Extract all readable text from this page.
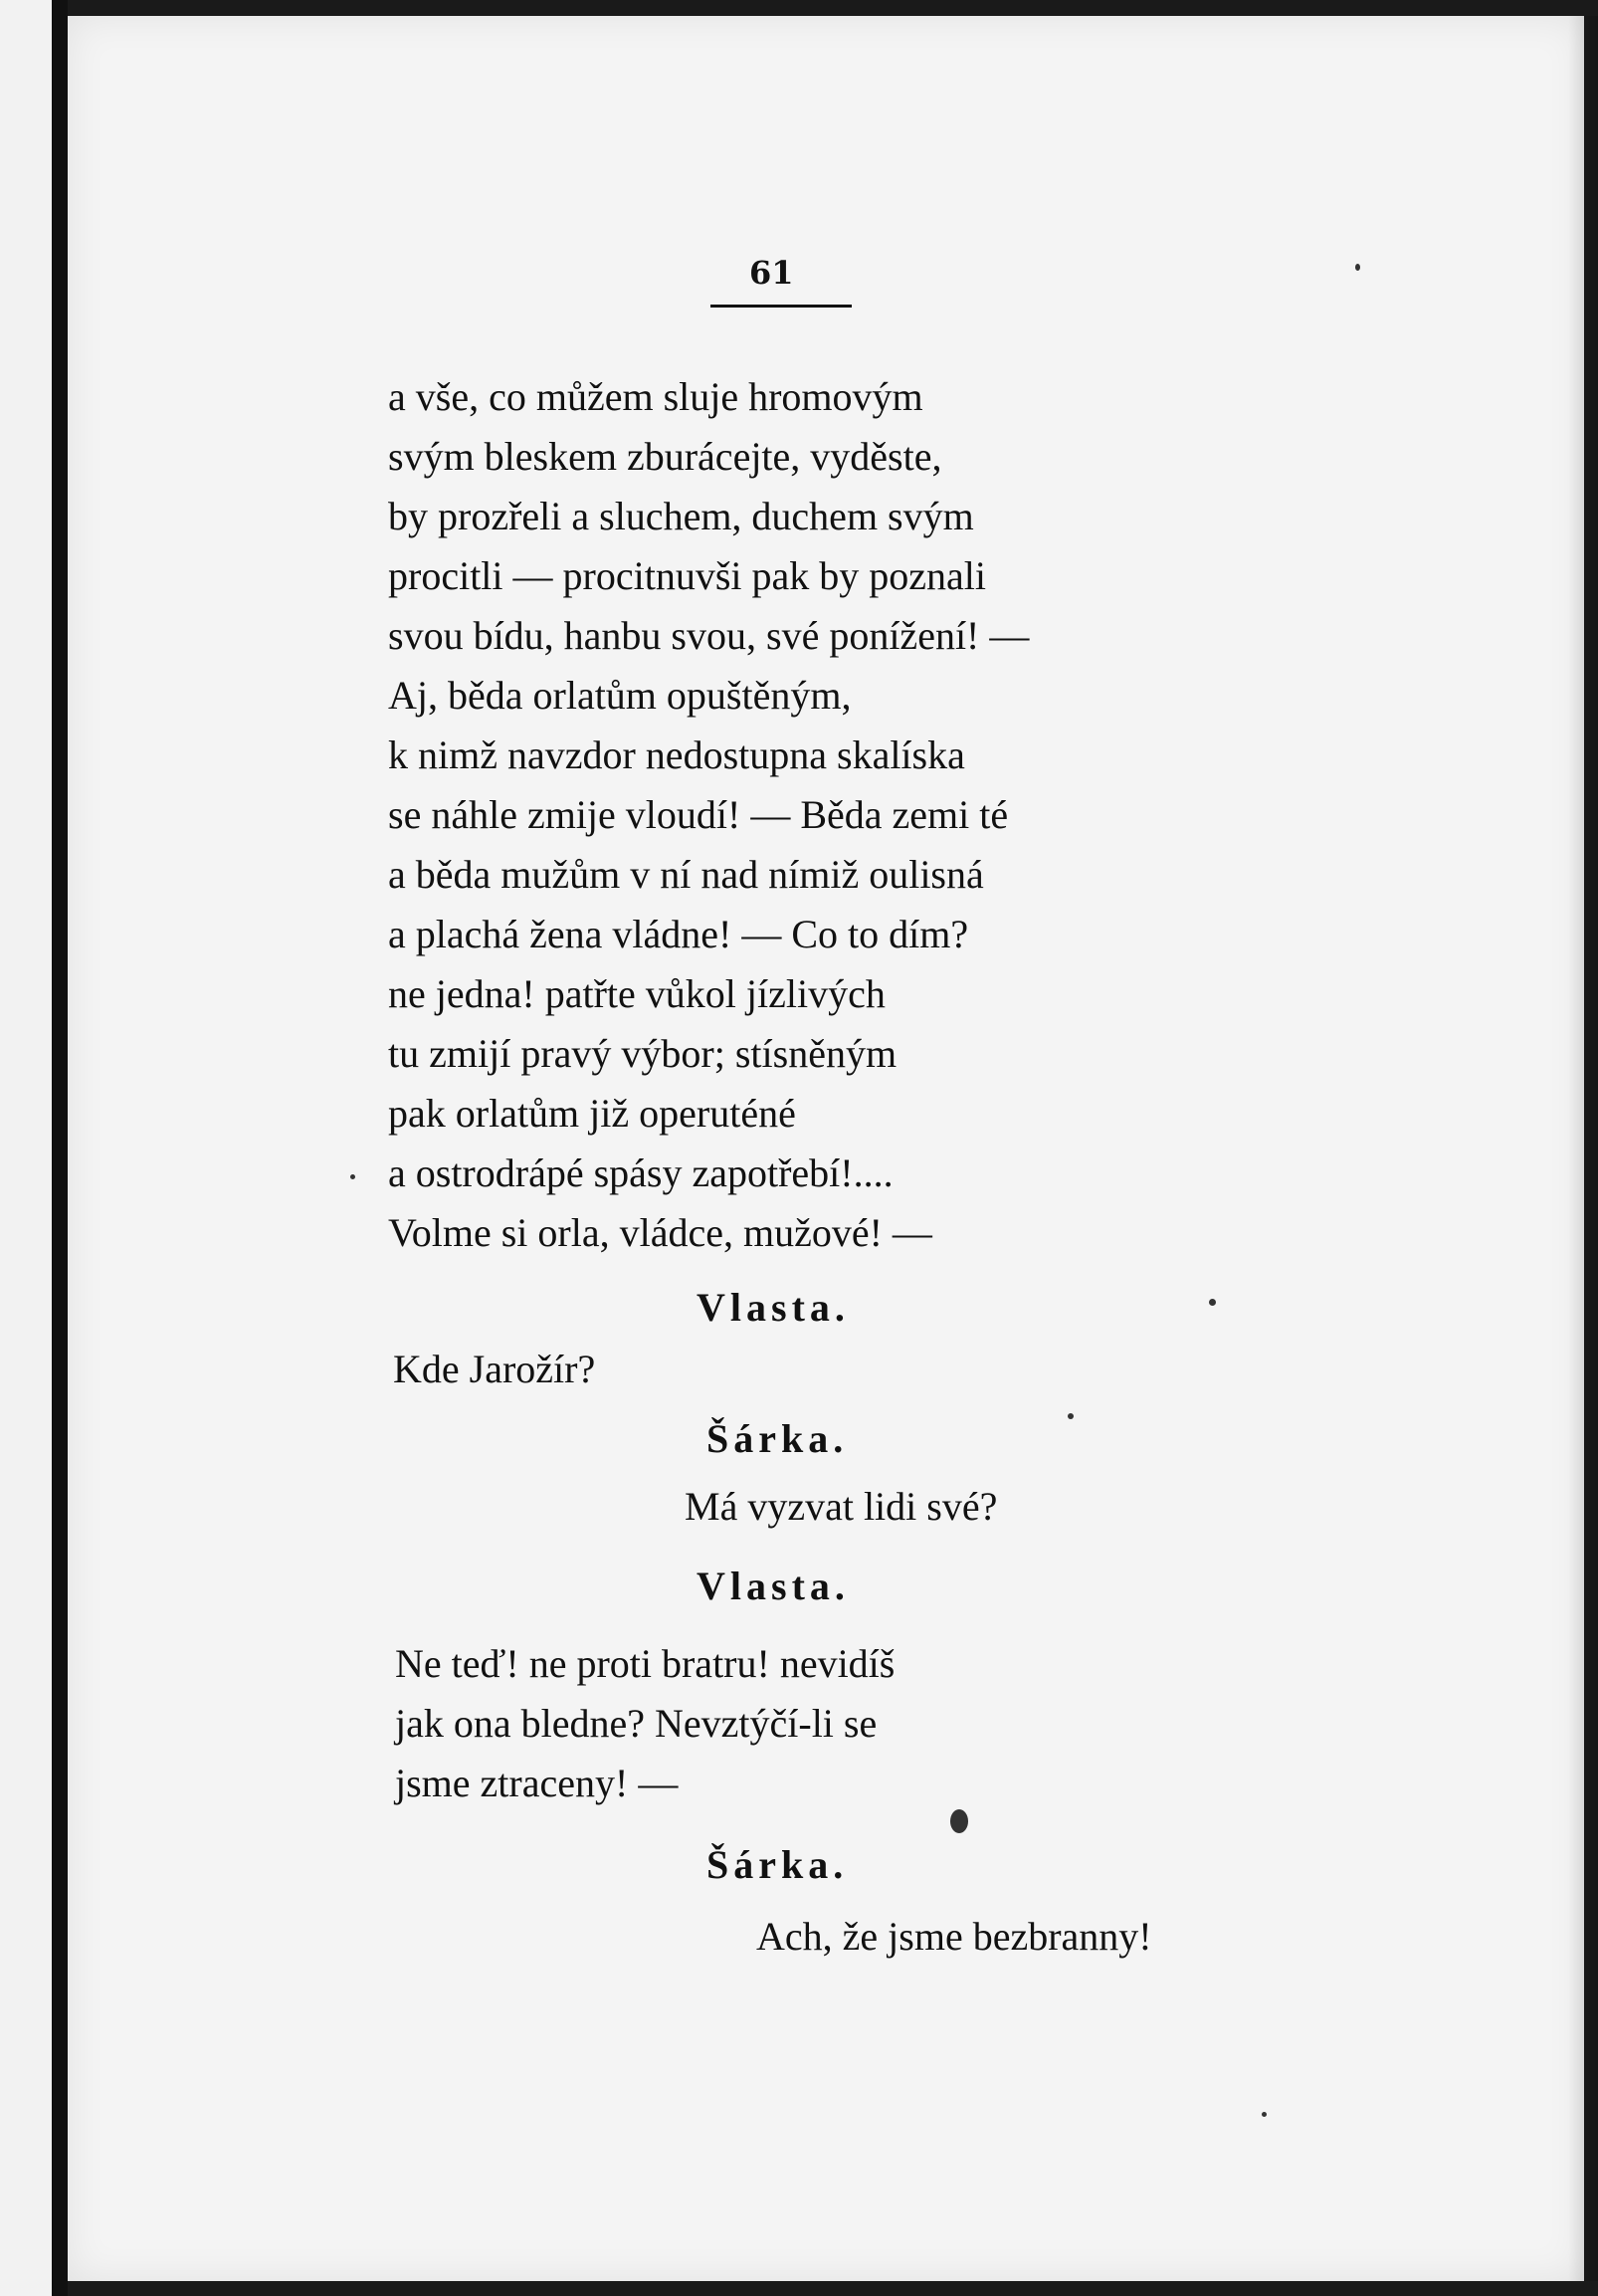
61

a vše, co můžem sluje hromovým
svým bleskem zburácejte, vyděste,
by prozřeli a sluchem, duchem svým
procitli — procitnuvši pak by poznali
svou bídu, hanbu svou, své ponížení! —
Aj, běda orlatům opuštěným,
k nimž navzdor nedostupna skalíska
se náhle zmije vloudí! — Běda zemi té
a běda mužům v ní nad nímiž oulisná
a plachá žena vládne! — Co to dím?
ne jedna! patřte vůkol jízlivých
tu zmijí pravý výbor; stísněným
pak orlatům již operuténé
a ostrodrápé spásy zapotřebí!....
Volme si orla, vládce, mužové! —
Vlasta.
Kde Jarožír?
Šárka.
Má vyzvat lidi své?
Vlasta.
Ne teď! ne proti bratru! nevidíš
jak ona bledne? Nevztýčí-li se
jsme ztraceny! —
Šárka.
Ach, že jsme bezbranny!
